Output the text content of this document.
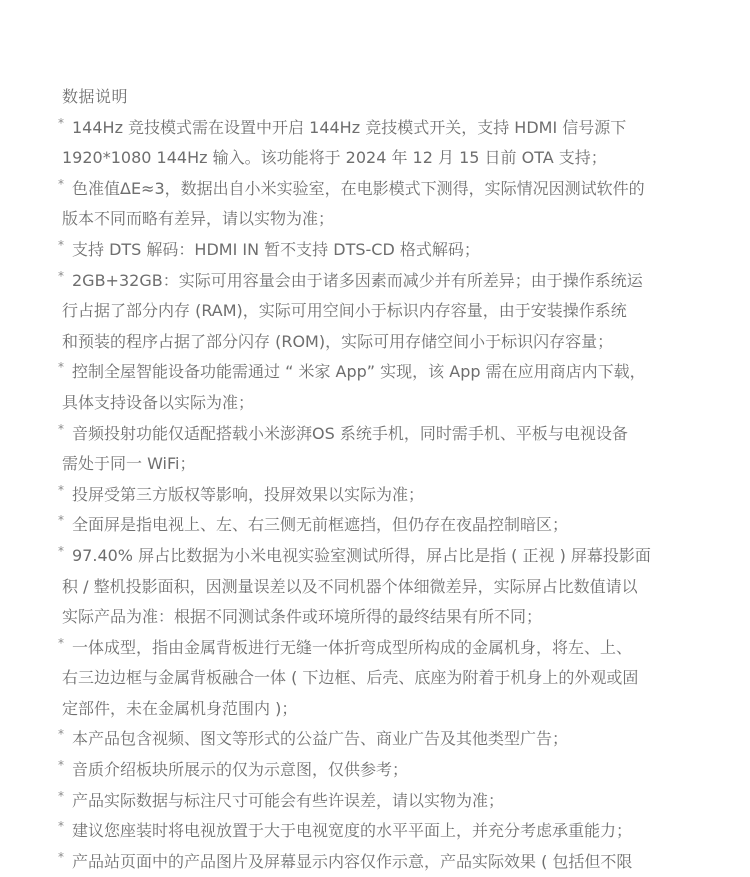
数据说明
* 144Hz 竞技模式需在设置中开启 144Hz 竞技模式开关，支持 HDMI 信号源下
1920*1080 144Hz 输入。该功能将于 2024 年 12 月 15 日前 OTA 支持；
* 色准值ΔE≈3，数据出自小米实验室，在电影模式下测得，实际情况因测试软件的
版本不同而略有差异，请以实物为准；
* 支持 DTS 解码：HDMI IN 暂不支持 DTS-CD 格式解码；
* 2GB+32GB：实际可用容量会由于诸多因素而减少并有所差异；由于操作系统运
行占据了部分内存 (RAM)，实际可用空间小于标识内存容量，由于安装操作系统
和预装的程序占据了部分闪存 (ROM)，实际可用存储空间小于标识闪存容量；
* 控制全屋智能设备功能需通过 “ 米家 App” 实现，该 App 需在应用商店内下载，
具体支持设备以实际为准；
* 音频投射功能仅适配搭载小米澎湃OS 系统手机，同时需手机、平板与电视设备
需处于同一 WiFi；
* 投屏受第三方版权等影响，投屏效果以实际为准；
* 全面屏是指电视上、左、右三侧无前框遮挡，但仍存在夜晶控制暗区；
* 97.40% 屏占比数据为小米电视实验室测试所得，屏占比是指 ( 正视 ) 屏幕投影面
积 / 整机投影面积，因测量误差以及不同机器个体细微差异，实际屏占比数值请以
实际产品为准：根据不同测试条件或环境所得的最终结果有所不同；
* 一体成型，指由金属背板进行无缝一体折弯成型所构成的金属机身，将左、上、
右三边边框与金属背板融合一体 ( 下边框、后壳、底座为附着于机身上的外观或固
定部件，未在金属机身范围内 )；
* 本产品包含视频、图文等形式的公益广告、商业广告及其他类型广告；
* 音质介绍板块所展示的仅为示意图，仅供参考；
* 产品实际数据与标注尺寸可能会有些许误差，请以实物为准；
* 建议您座装时将电视放置于大于电视宽度的水平平面上，并充分考虑承重能力；
* 产品站页面中的产品图片及屏幕显示内容仅作示意，产品实际效果 ( 包括但不限
